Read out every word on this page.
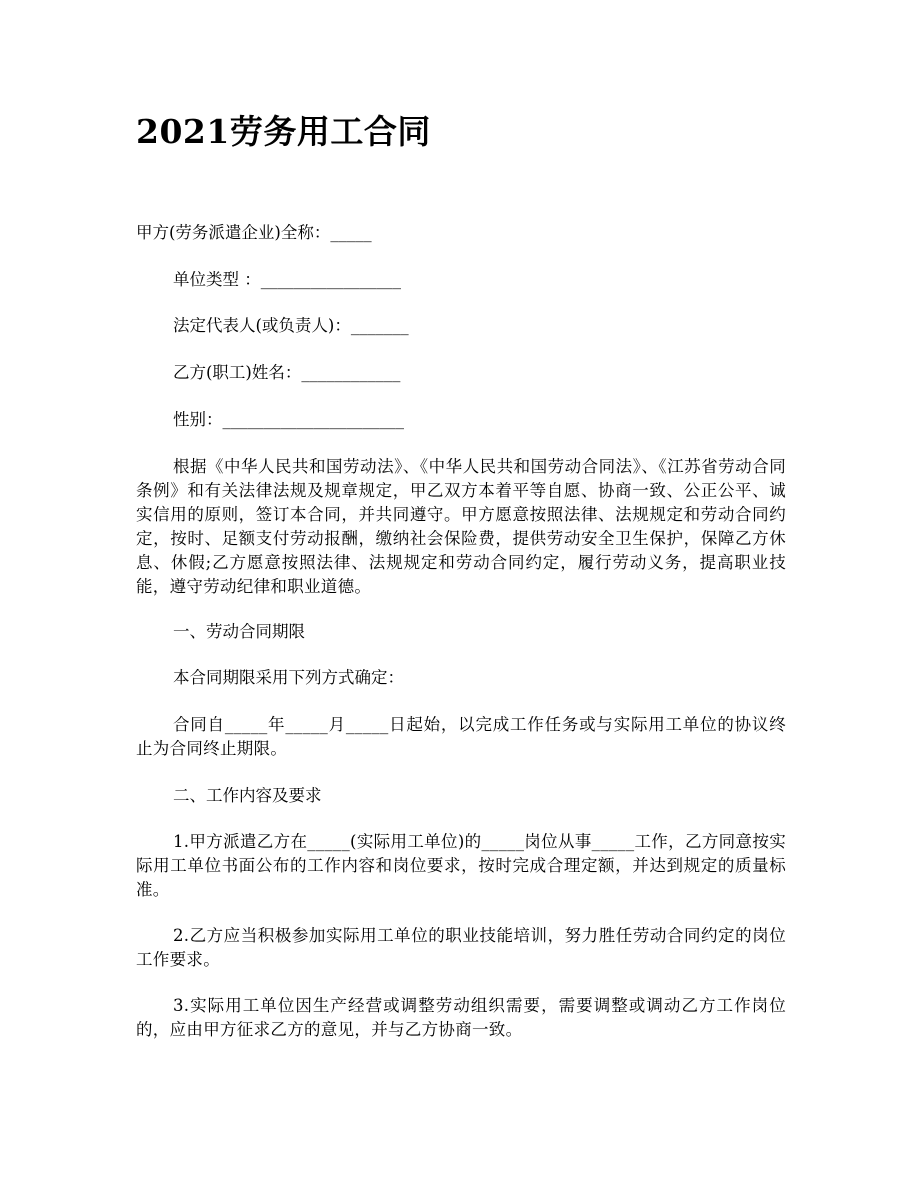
2021劳务用工合同

甲方(劳务派遣企业)全称：_____

单位类型 ：_________________

法定代表人(或负责人)：_______

乙方(职工)姓名：____________

性别：______________________

根据《中华人民共和国劳动法》、《中华人民共和国劳动合同法》、《江苏省劳动合同条例》和有关法律法规及规章规定，甲乙双方本着平等自愿、协商一致、公正公平、诚实信用的原则，签订本合同，并共同遵守。甲方愿意按照法律、法规规定和劳动合同约定，按时、足额支付劳动报酬，缴纳社会保险费，提供劳动安全卫生保护，保障乙方休息、休假;乙方愿意按照法律、法规规定和劳动合同约定，履行劳动义务，提高职业技能，遵守劳动纪律和职业道德。

一、劳动合同期限

本合同期限采用下列方式确定：

合同自_____年_____月_____日起始，以完成工作任务或与实际用工单位的协议终止为合同终止期限。

二、工作内容及要求

1.甲方派遣乙方在_____(实际用工单位)的_____岗位从事_____工作，乙方同意按实际用工单位书面公布的工作内容和岗位要求，按时完成合理定额，并达到规定的质量标准。

2.乙方应当积极参加实际用工单位的职业技能培训，努力胜任劳动合同约定的岗位工作要求。

3.实际用工单位因生产经营或调整劳动组织需要，需要调整或调动乙方工作岗位的，应由甲方征求乙方的意见，并与乙方协商一致。
